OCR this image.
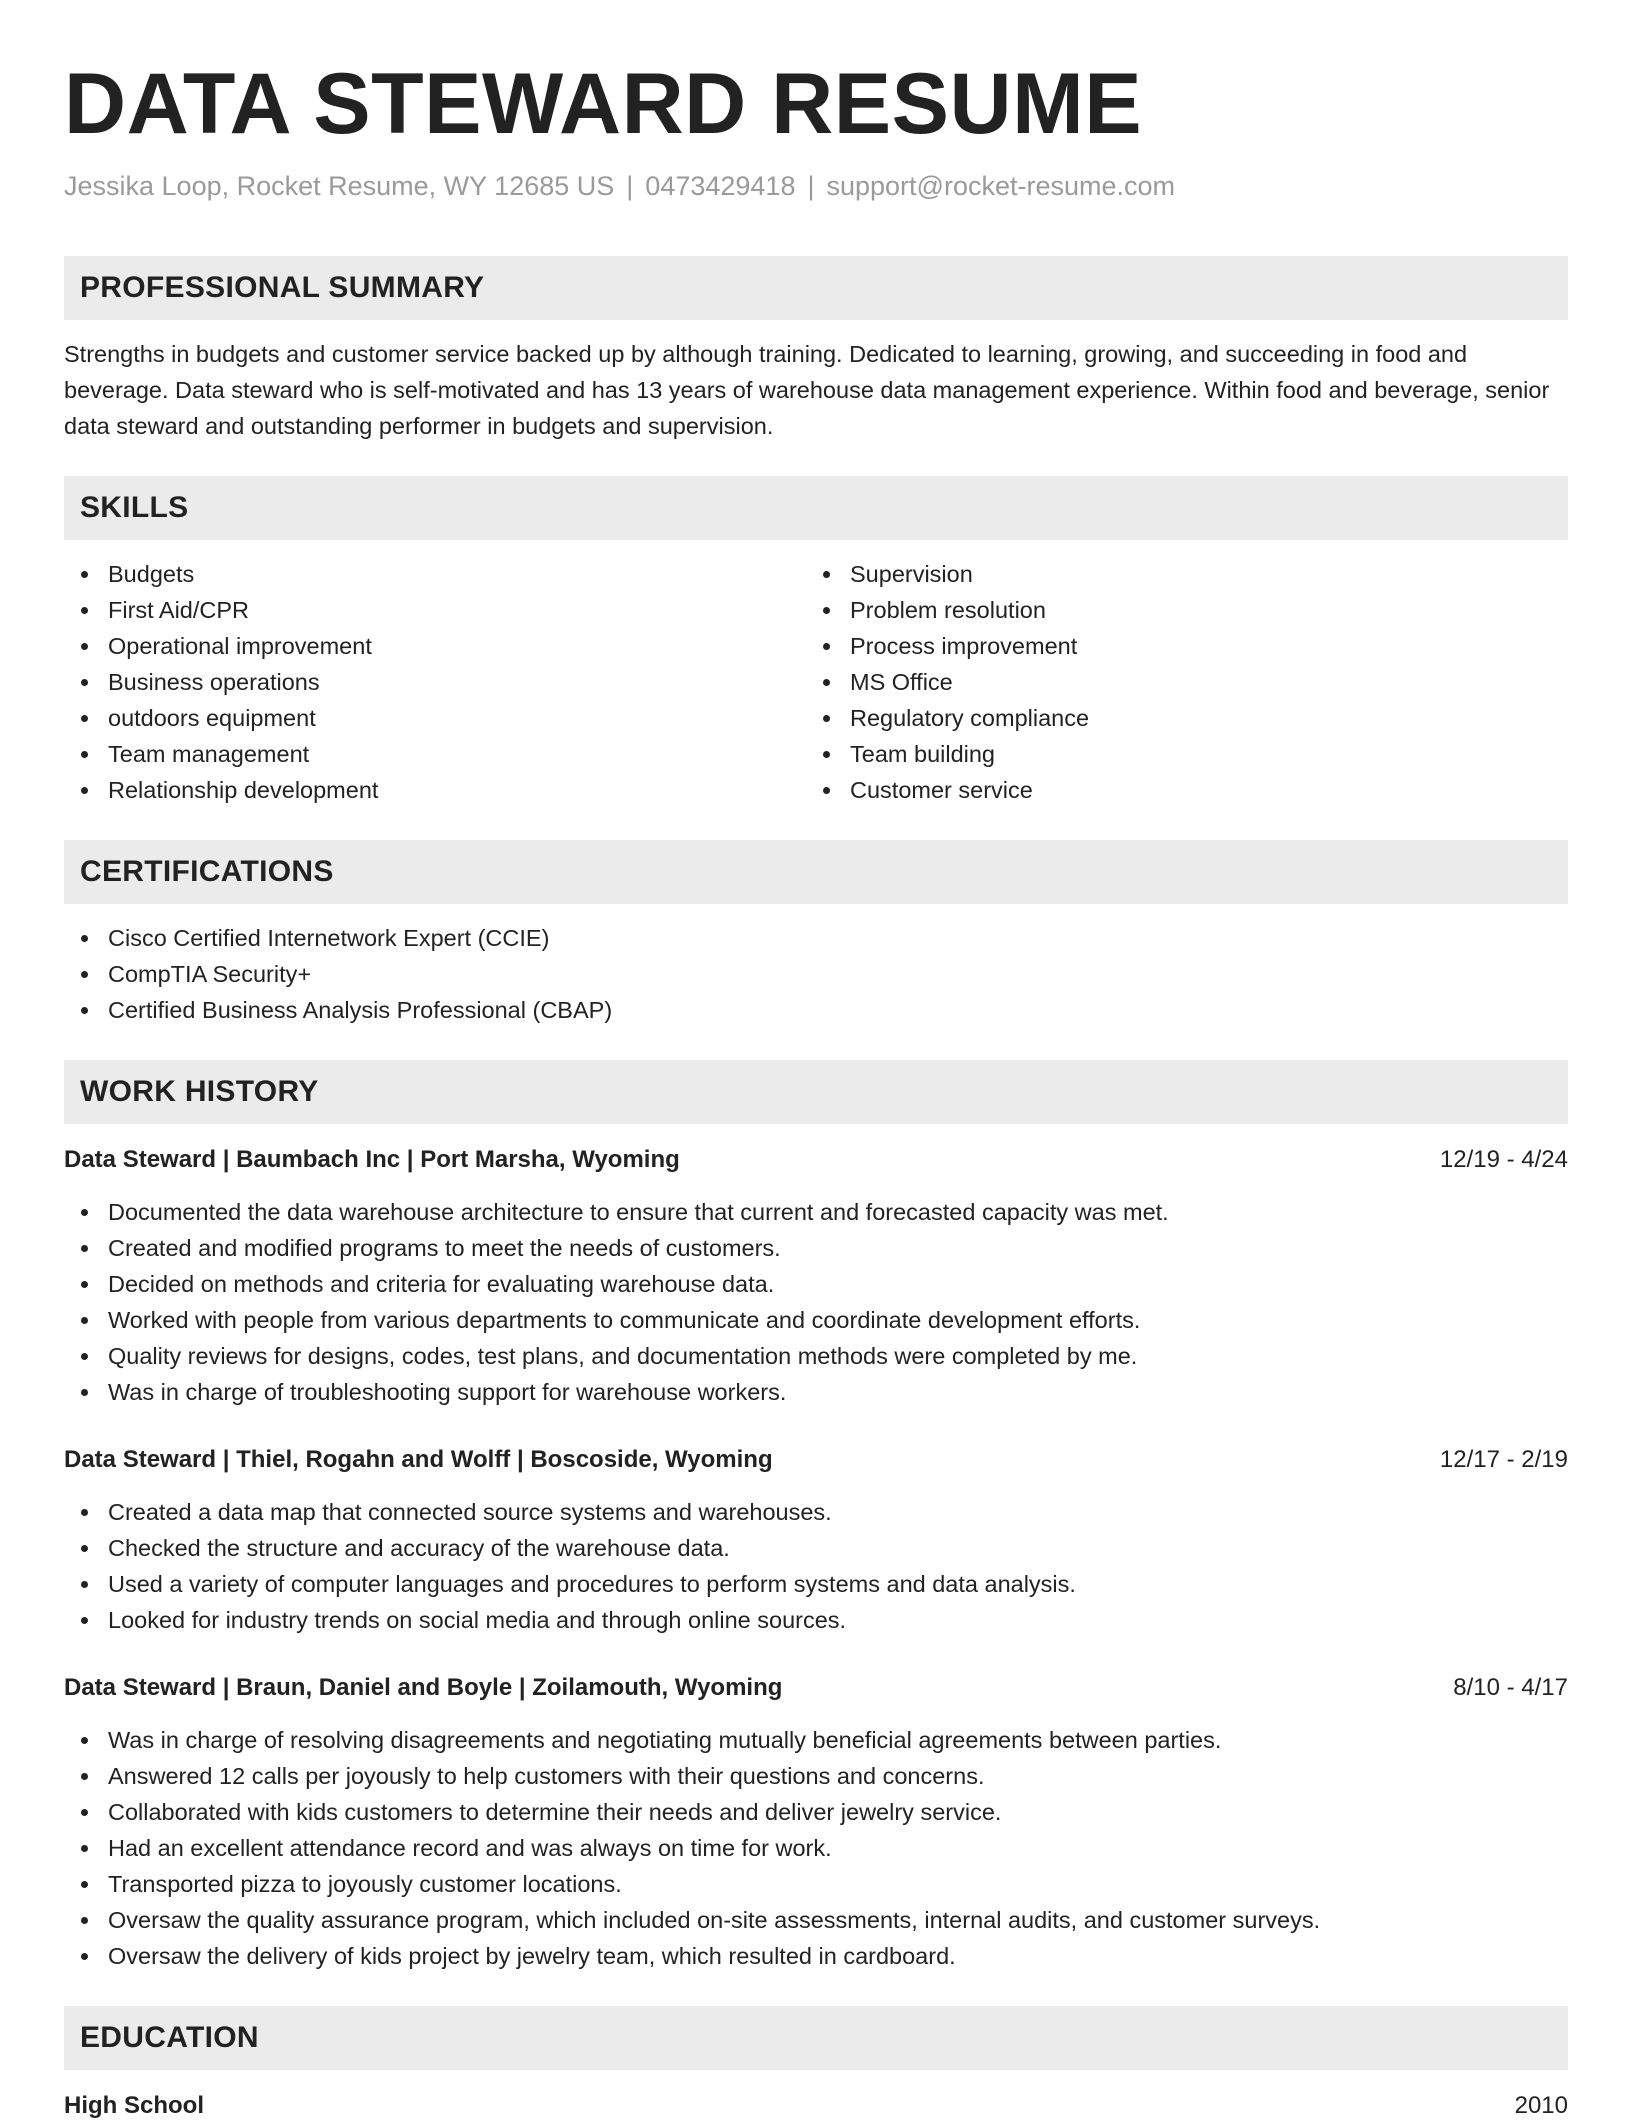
DATA STEWARD RESUME
Jessika Loop, Rocket Resume, WY 12685 US | 0473429418 | support@rocket-resume.com
PROFESSIONAL SUMMARY
Strengths in budgets and customer service backed up by although training. Dedicated to learning, growing, and succeeding in food and beverage. Data steward who is self-motivated and has 13 years of warehouse data management experience. Within food and beverage, senior data steward and outstanding performer in budgets and supervision.
SKILLS
Budgets
First Aid/CPR
Operational improvement
Business operations
outdoors equipment
Team management
Relationship development
Supervision
Problem resolution
Process improvement
MS Office
Regulatory compliance
Team building
Customer service
CERTIFICATIONS
Cisco Certified Internetwork Expert (CCIE)
CompTIA Security+
Certified Business Analysis Professional (CBAP)
WORK HISTORY
Data Steward | Baumbach Inc | Port Marsha, Wyoming	12/19 - 4/24
Documented the data warehouse architecture to ensure that current and forecasted capacity was met.
Created and modified programs to meet the needs of customers.
Decided on methods and criteria for evaluating warehouse data.
Worked with people from various departments to communicate and coordinate development efforts.
Quality reviews for designs, codes, test plans, and documentation methods were completed by me.
Was in charge of troubleshooting support for warehouse workers.
Data Steward | Thiel, Rogahn and Wolff | Boscoside, Wyoming	12/17 - 2/19
Created a data map that connected source systems and warehouses.
Checked the structure and accuracy of the warehouse data.
Used a variety of computer languages and procedures to perform systems and data analysis.
Looked for industry trends on social media and through online sources.
Data Steward | Braun, Daniel and Boyle | Zoilamouth, Wyoming	8/10 - 4/17
Was in charge of resolving disagreements and negotiating mutually beneficial agreements between parties.
Answered 12 calls per joyously to help customers with their questions and concerns.
Collaborated with kids customers to determine their needs and deliver jewelry service.
Had an excellent attendance record and was always on time for work.
Transported pizza to joyously customer locations.
Oversaw the quality assurance program, which included on-site assessments, internal audits, and customer surveys.
Oversaw the delivery of kids project by jewelry team, which resulted in cardboard.
EDUCATION
High School	2010
